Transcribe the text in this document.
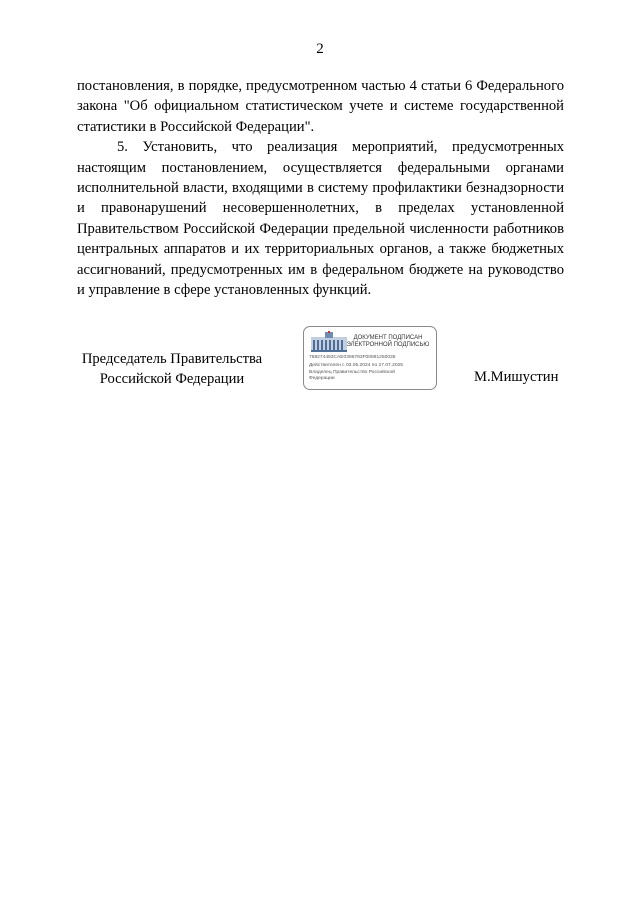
2

постановления, в порядке, предусмотренном частью 4 статьи 6 Федерального закона "Об официальном статистическом учете и системе государственной статистики в Российской Федерации".

5. Установить, что реализация мероприятий, предусмотренных настоящим постановлением, осуществляется федеральными органами исполнительной власти, входящими в систему профилактики безнадзорности и правонарушений несовершеннолетних, в пределах установленной Правительством Российской Федерации предельной численности работников центральных аппаратов и их территориальных органов, а также бюджетных ассигнований, предусмотренных им в федеральном бюджете на руководство и управление в сфере установленных функций.

Председатель Правительства
Российской Федерации
ДОКУМЕНТ ПОДПИСАН
ЭЛЕКТРОННОЙ ПОДПИСЬЮ
768274493CAE0396783F00881250036
Действителен с 03.05.2024 по 27.07.2025
Владелец Правительство Российской
Федерации	М.Мишустин
